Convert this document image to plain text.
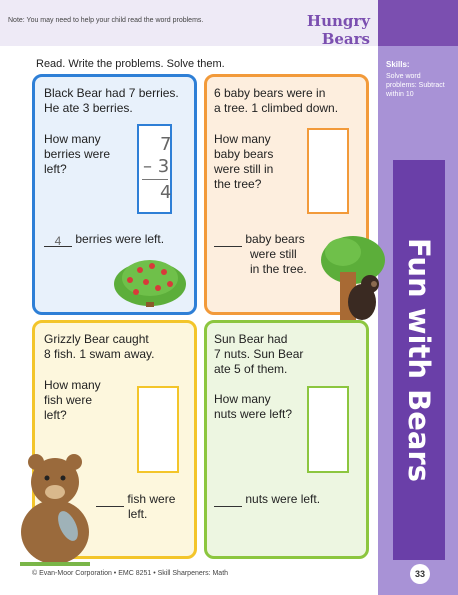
Note: You may need to help your child read the word problems.	Hungry Bears
Skills:
Solve word problems: Subtract within 10
Fun with Bears
Read. Write the problems. Solve them.
Black Bear had 7 berries.
He ate 3 berries.
How many
berries were
left?
7
– 3
4
4 berries were left.
6 baby bears were in
a tree. 1 climbed down.
How many
baby bears
were still in
the tree?
baby bears
were still
in the tree.
Grizzly Bear caught
8 fish. 1 swam away.
How many
fish were
left?
fish were
left.
Sun Bear had
7 nuts. Sun Bear
ate 5 of them.
How many
nuts were left?
nuts were left.
© Evan-Moor Corporation • EMC 8251 • Skill Sharpeners: Math	33
